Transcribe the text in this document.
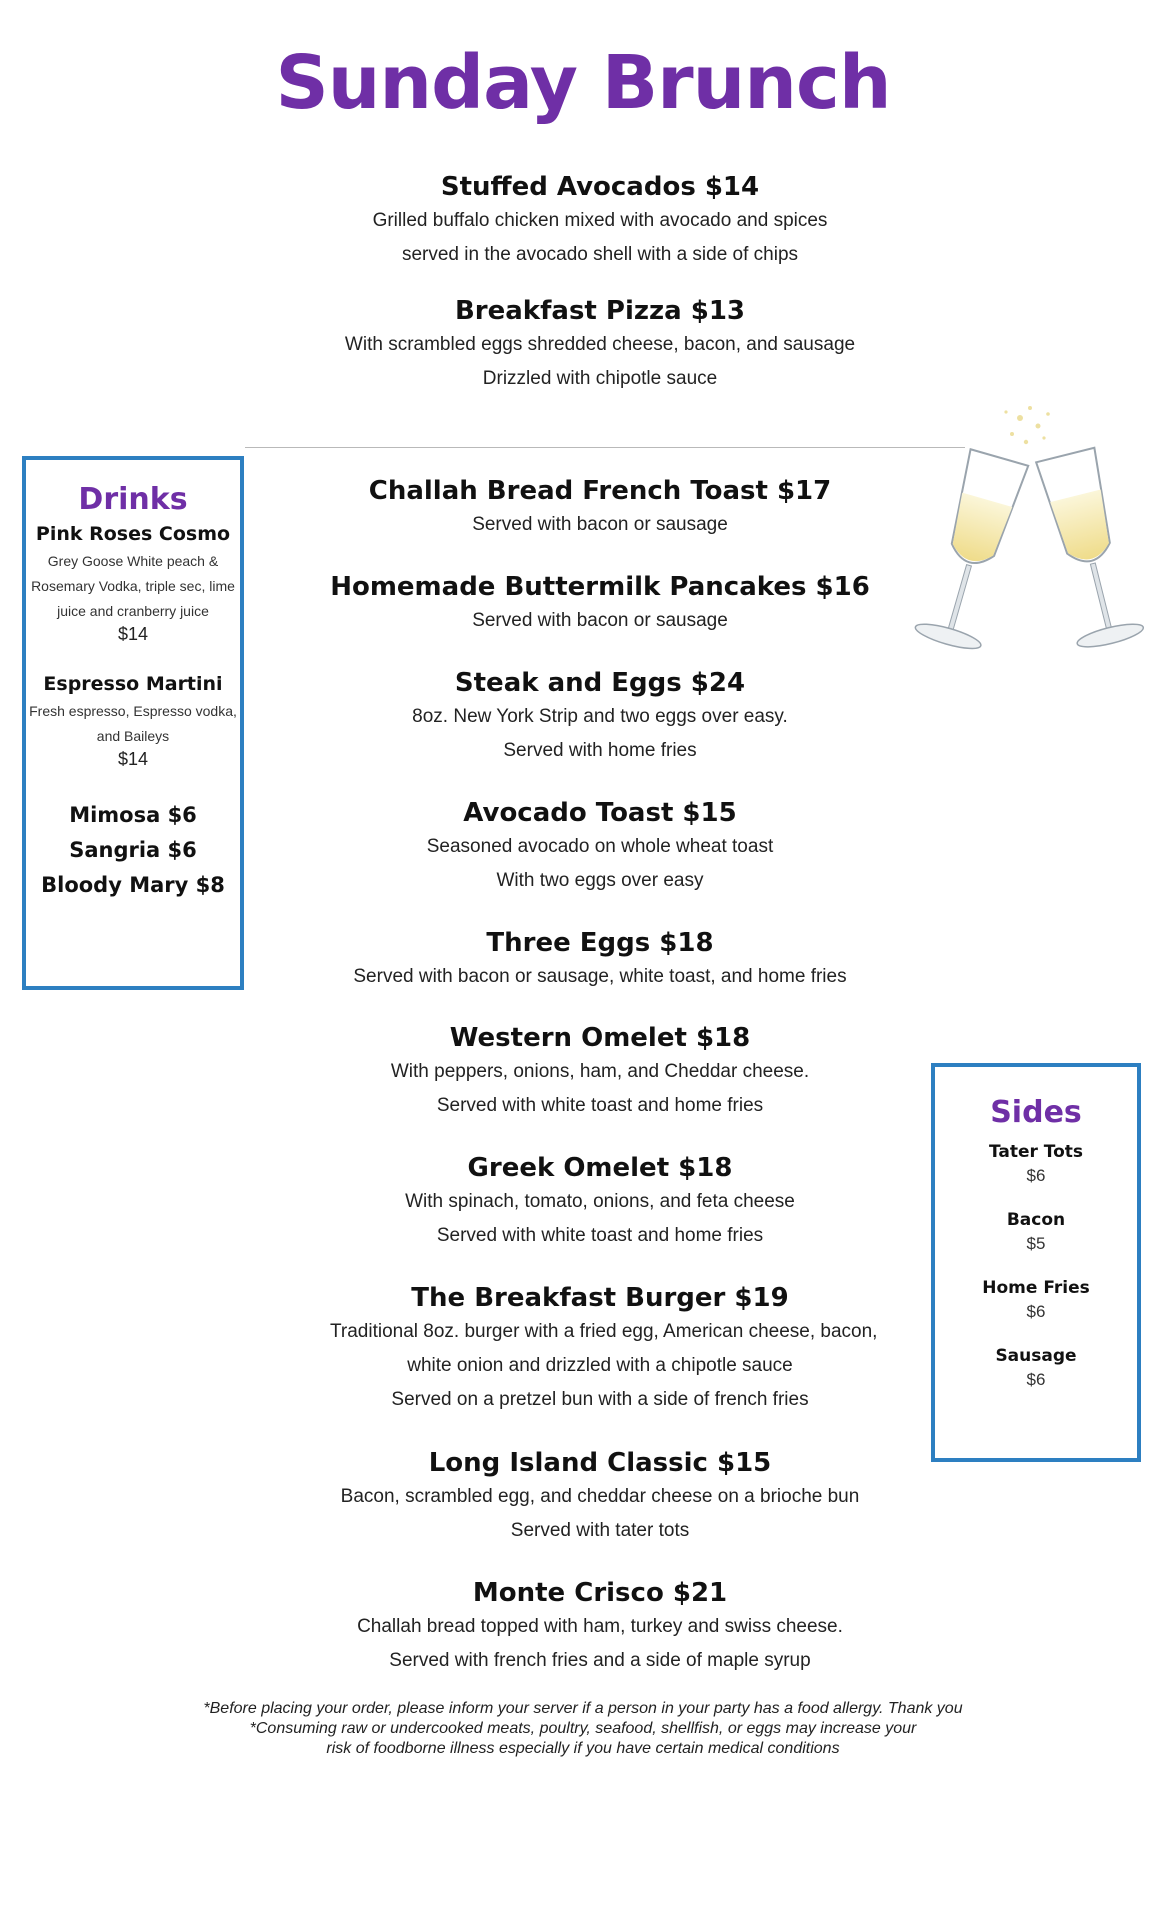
Sunday Brunch
Stuffed Avocados $14
Grilled buffalo chicken mixed with avocado and spices
served in the avocado shell with a side of chips
Breakfast Pizza $13
With scrambled eggs shredded cheese, bacon, and sausage
Drizzled with chipotle sauce
Challah Bread French Toast $17
Served with bacon or sausage
Homemade Buttermilk Pancakes $16
Served with bacon or sausage
Steak and Eggs $24
8oz. New York Strip and two eggs over easy.
Served with home fries
Avocado Toast $15
Seasoned avocado on whole wheat toast
With two eggs over easy
Three Eggs $18
Served with bacon or sausage, white toast, and home fries
Western Omelet $18
With peppers, onions, ham, and Cheddar cheese.
Served with white toast and home fries
Greek Omelet $18
With spinach, tomato, onions, and feta cheese
Served with white toast and home fries
The Breakfast Burger $19
Traditional 8oz. burger with a fried egg, American cheese, bacon,
white onion and drizzled with a chipotle sauce
Served on a pretzel bun with a side of french fries
Long Island Classic $15
Bacon, scrambled egg, and cheddar cheese on a brioche bun
Served with tater tots
Monte Crisco $21
Challah bread topped with ham, turkey and swiss cheese.
Served with french fries and a side of maple syrup
Drinks
Pink Roses Cosmo
Grey Goose White peach &
Rosemary Vodka, triple sec, lime
juice and cranberry juice
$14
Espresso Martini
Fresh espresso, Espresso vodka,
and Baileys
$14
Mimosa $6
Sangria $6
Bloody Mary $8
Sides
Tater Tots
$6
Bacon
$5
Home Fries
$6
Sausage
$6
*Before placing your order, please inform your server if a person in your party has a food allergy. Thank you
*Consuming raw or undercooked meats, poultry, seafood, shellfish, or eggs may increase your
risk of foodborne illness especially if you have certain medical conditions
